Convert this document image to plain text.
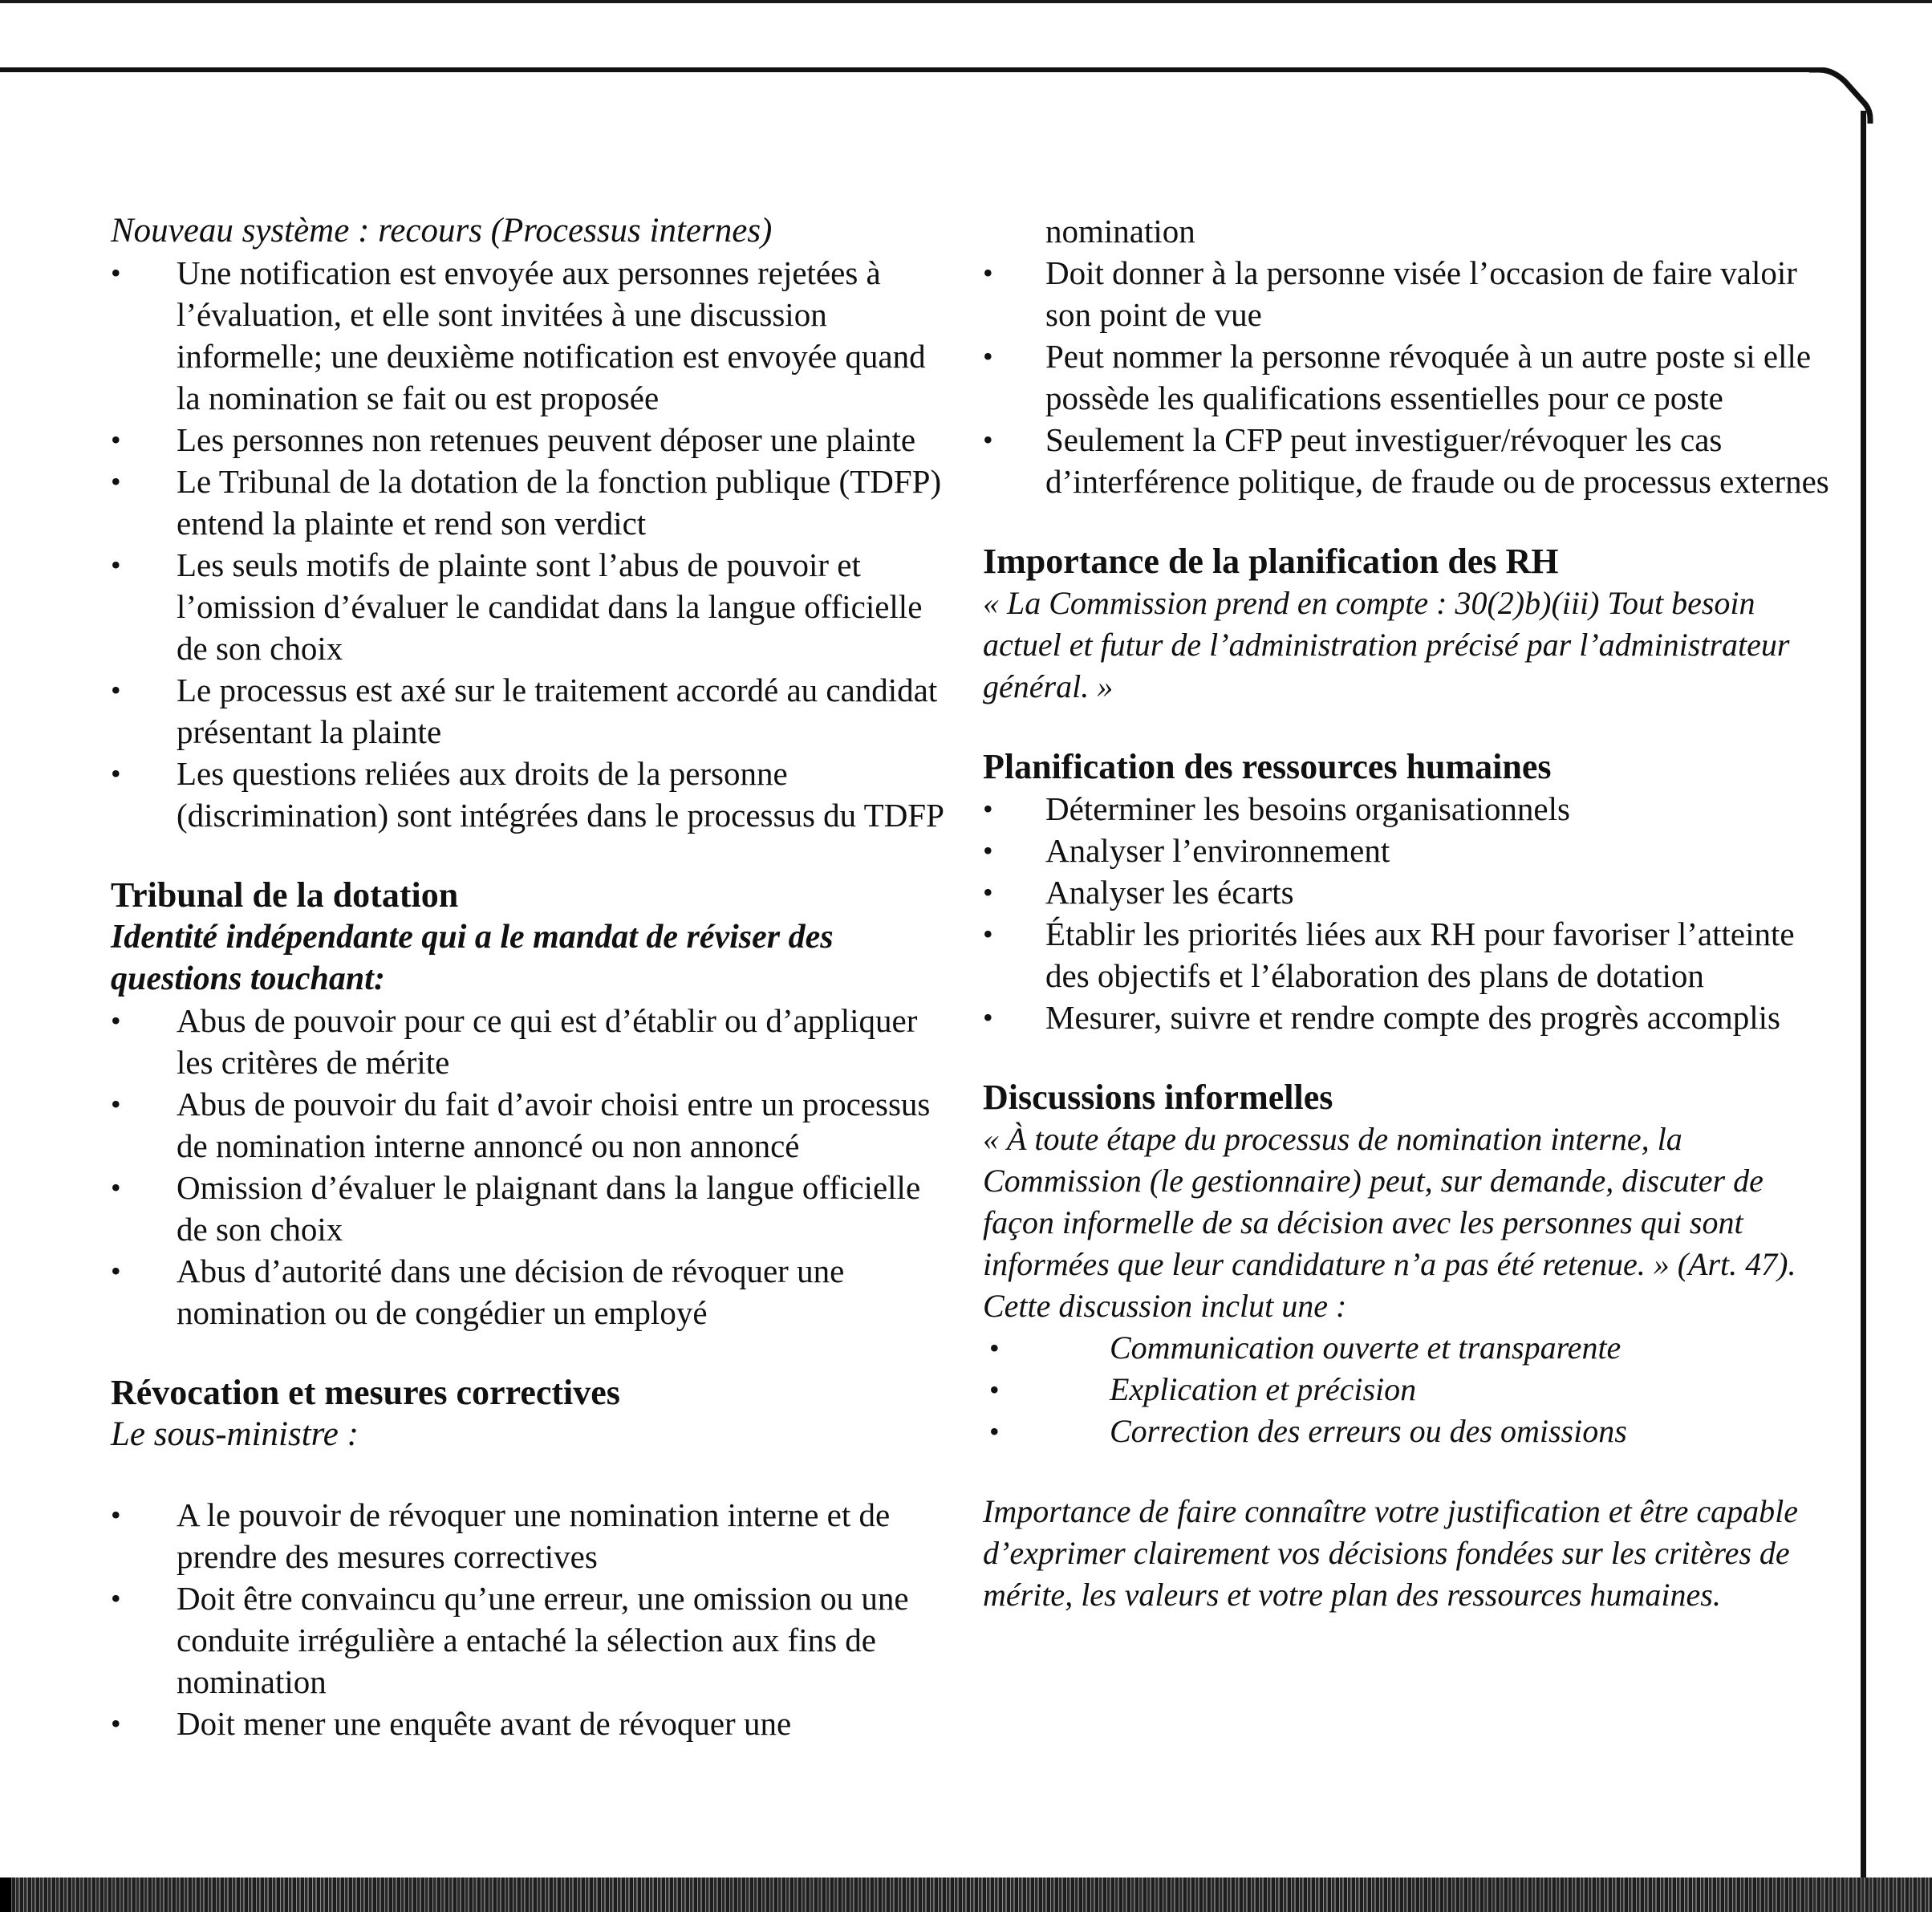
Nouveau système : recours (Processus internes)

• Une notification est envoyée aux personnes rejetées à l’évaluation, et elle sont invitées à une discussion informelle; une deuxième notification est envoyée quand la nomination se fait ou est proposée
• Les personnes non retenues peuvent déposer une plainte
• Le Tribunal de la dotation de la fonction publique (TDFP) entend la plainte et rend son verdict
• Les seuls motifs de plainte sont l’abus de pouvoir et l’omission d’évaluer le candidat dans la langue officielle de son choix
• Le processus est axé sur le traitement accordé au candidat présentant la plainte
• Les questions reliées aux droits de la personne (discrimination) sont intégrées dans le processus du TDFP
Tribunal de la dotation

Identité indépendante qui a le mandat de réviser des questions touchant:

• Abus de pouvoir pour ce qui est d’établir ou d’appliquer les critères de mérite
• Abus de pouvoir du fait d’avoir choisi entre un processus de nomination interne annoncé ou non annoncé
• Omission d’évaluer le plaignant dans la langue officielle de son choix
• Abus d’autorité dans une décision de révoquer une nomination ou de congédier un employé
Révocation et mesures correctives

Le sous-ministre :

• A le pouvoir de révoquer une nomination interne et de prendre des mesures correctives
• Doit être convaincu qu’une erreur, une omission ou une conduite irrégulière a entaché la sélection aux fins de nomination
• Doit mener une enquête avant de révoquer une
nomination
• Doit donner à la personne visée l’occasion de faire valoir son point de vue
• Peut nommer la personne révoquée à un autre poste si elle possède les qualifications essentielles pour ce poste
• Seulement la CFP peut investiguer/révoquer les cas d’interférence politique, de fraude ou de processus externes
Importance de la planification des RH

« La Commission prend en compte : 30(2)b)(iii) Tout besoin actuel et futur de l’administration précisé par l’administrateur général. »

Planification des ressources humaines
• Déterminer les besoins organisationnels
• Analyser l’environnement
• Analyser les écarts
• Établir les priorités liées aux RH pour favoriser l’atteinte des objectifs et l’élaboration des plans de dotation
• Mesurer, suivre et rendre compte des progrès accomplis
Discussions informelles

« À toute étape du processus de nomination interne, la Commission (le gestionnaire) peut, sur demande, discuter de façon informelle de sa décision avec les personnes qui sont informées que leur candidature n’a pas été retenue. » (Art. 47). Cette discussion inclut une :

• Communication ouverte et transparente
• Explication et précision
• Correction des erreurs ou des omissions

Importance de faire connaître votre justification et être capable d’exprimer clairement vos décisions fondées sur les critères de mérite, les valeurs et votre plan des ressources humaines.
